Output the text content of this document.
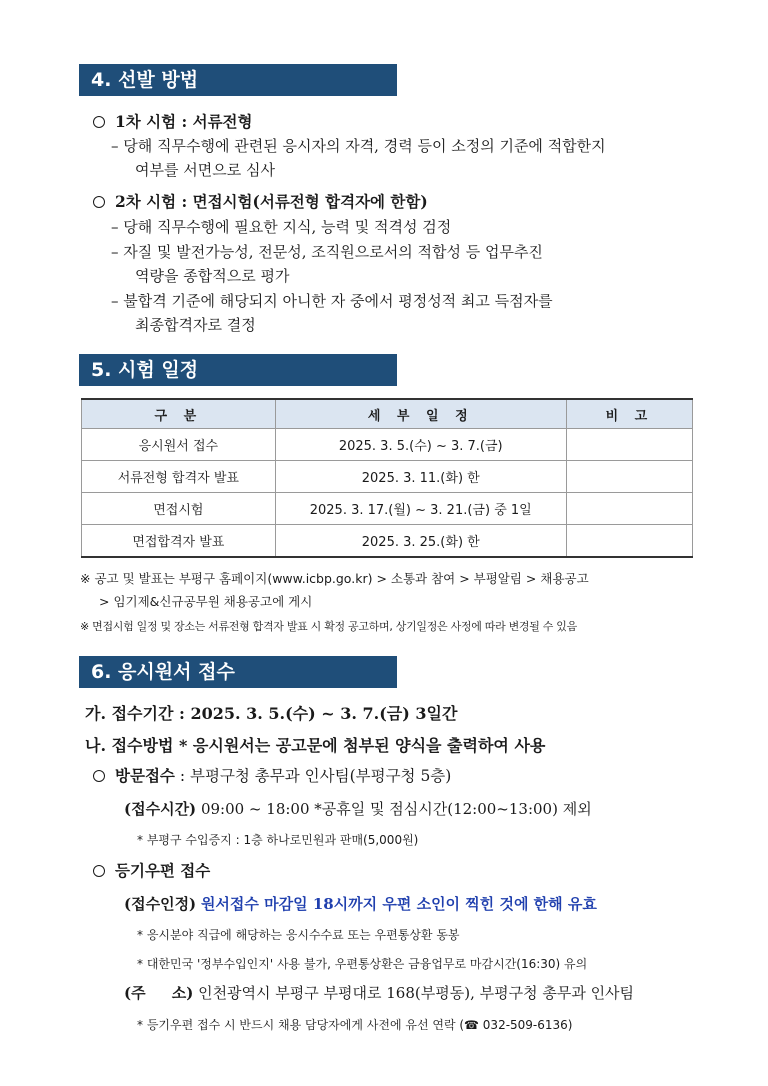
4. 선발 방법
1차 시험 : 서류전형
– 당해 직무수행에 관련된 응시자의 자격, 경력 등이 소정의 기준에 적합한지
여부를 서면으로 심사
2차 시험 : 면접시험(서류전형 합격자에 한함)
– 당해 직무수행에 필요한 지식, 능력 및 적격성 검정
– 자질 및 발전가능성, 전문성, 조직원으로서의 적합성 등 업무추진
역량을 종합적으로 평가
– 불합격 기준에 해당되지 아니한 자 중에서 평정성적 최고 득점자를
최종합격자로 결정
5. 시험 일정
구 분	세 부 일 정	비 고
응시원서 접수	2025. 3. 5.(수) ~ 3. 7.(금)	
서류전형 합격자 발표	2025. 3. 11.(화) 한	
면접시험	2025. 3. 17.(월) ~ 3. 21.(금) 중 1일	
면접합격자 발표	2025. 3. 25.(화) 한	
※ 공고 및 발표는 부평구 홈페이지(www.icbp.go.kr) > 소통과 참여 > 부평알림 > 채용공고
> 임기제&신규공무원 채용공고에 게시
※ 면접시험 일정 및 장소는 서류전형 합격자 발표 시 확정 공고하며, 상기일정은 사정에 따라 변경될 수 있음
6. 응시원서 접수
가. 접수기간 : 2025. 3. 5.(수) ~ 3. 7.(금) 3일간
나. 접수방법 * 응시원서는 공고문에 첨부된 양식을 출력하여 사용
방문접수 : 부평구청 총무과 인사팀(부평구청 5층)
(접수시간) 09:00 ~ 18:00 *공휴일 및 점심시간(12:00~13:00) 제외
* 부평구 수입증지 : 1층 하나로민원과 판매(5,000원)
등기우편 접수
(접수인정) 원서접수 마감일 18시까지 우편 소인이 찍힌 것에 한해 유효
* 응시분야 직급에 해당하는 응시수수료 또는 우편통상환 동봉
* 대한민국 '정부수입인지' 사용 불가, 우편통상환은 금융업무로 마감시간(16:30) 유의
(주     소) 인천광역시 부평구 부평대로 168(부평동), 부평구청 총무과 인사팀
* 등기우편 접수 시 반드시 채용 담당자에게 사전에 유선 연락 (☎ 032-509-6136)
